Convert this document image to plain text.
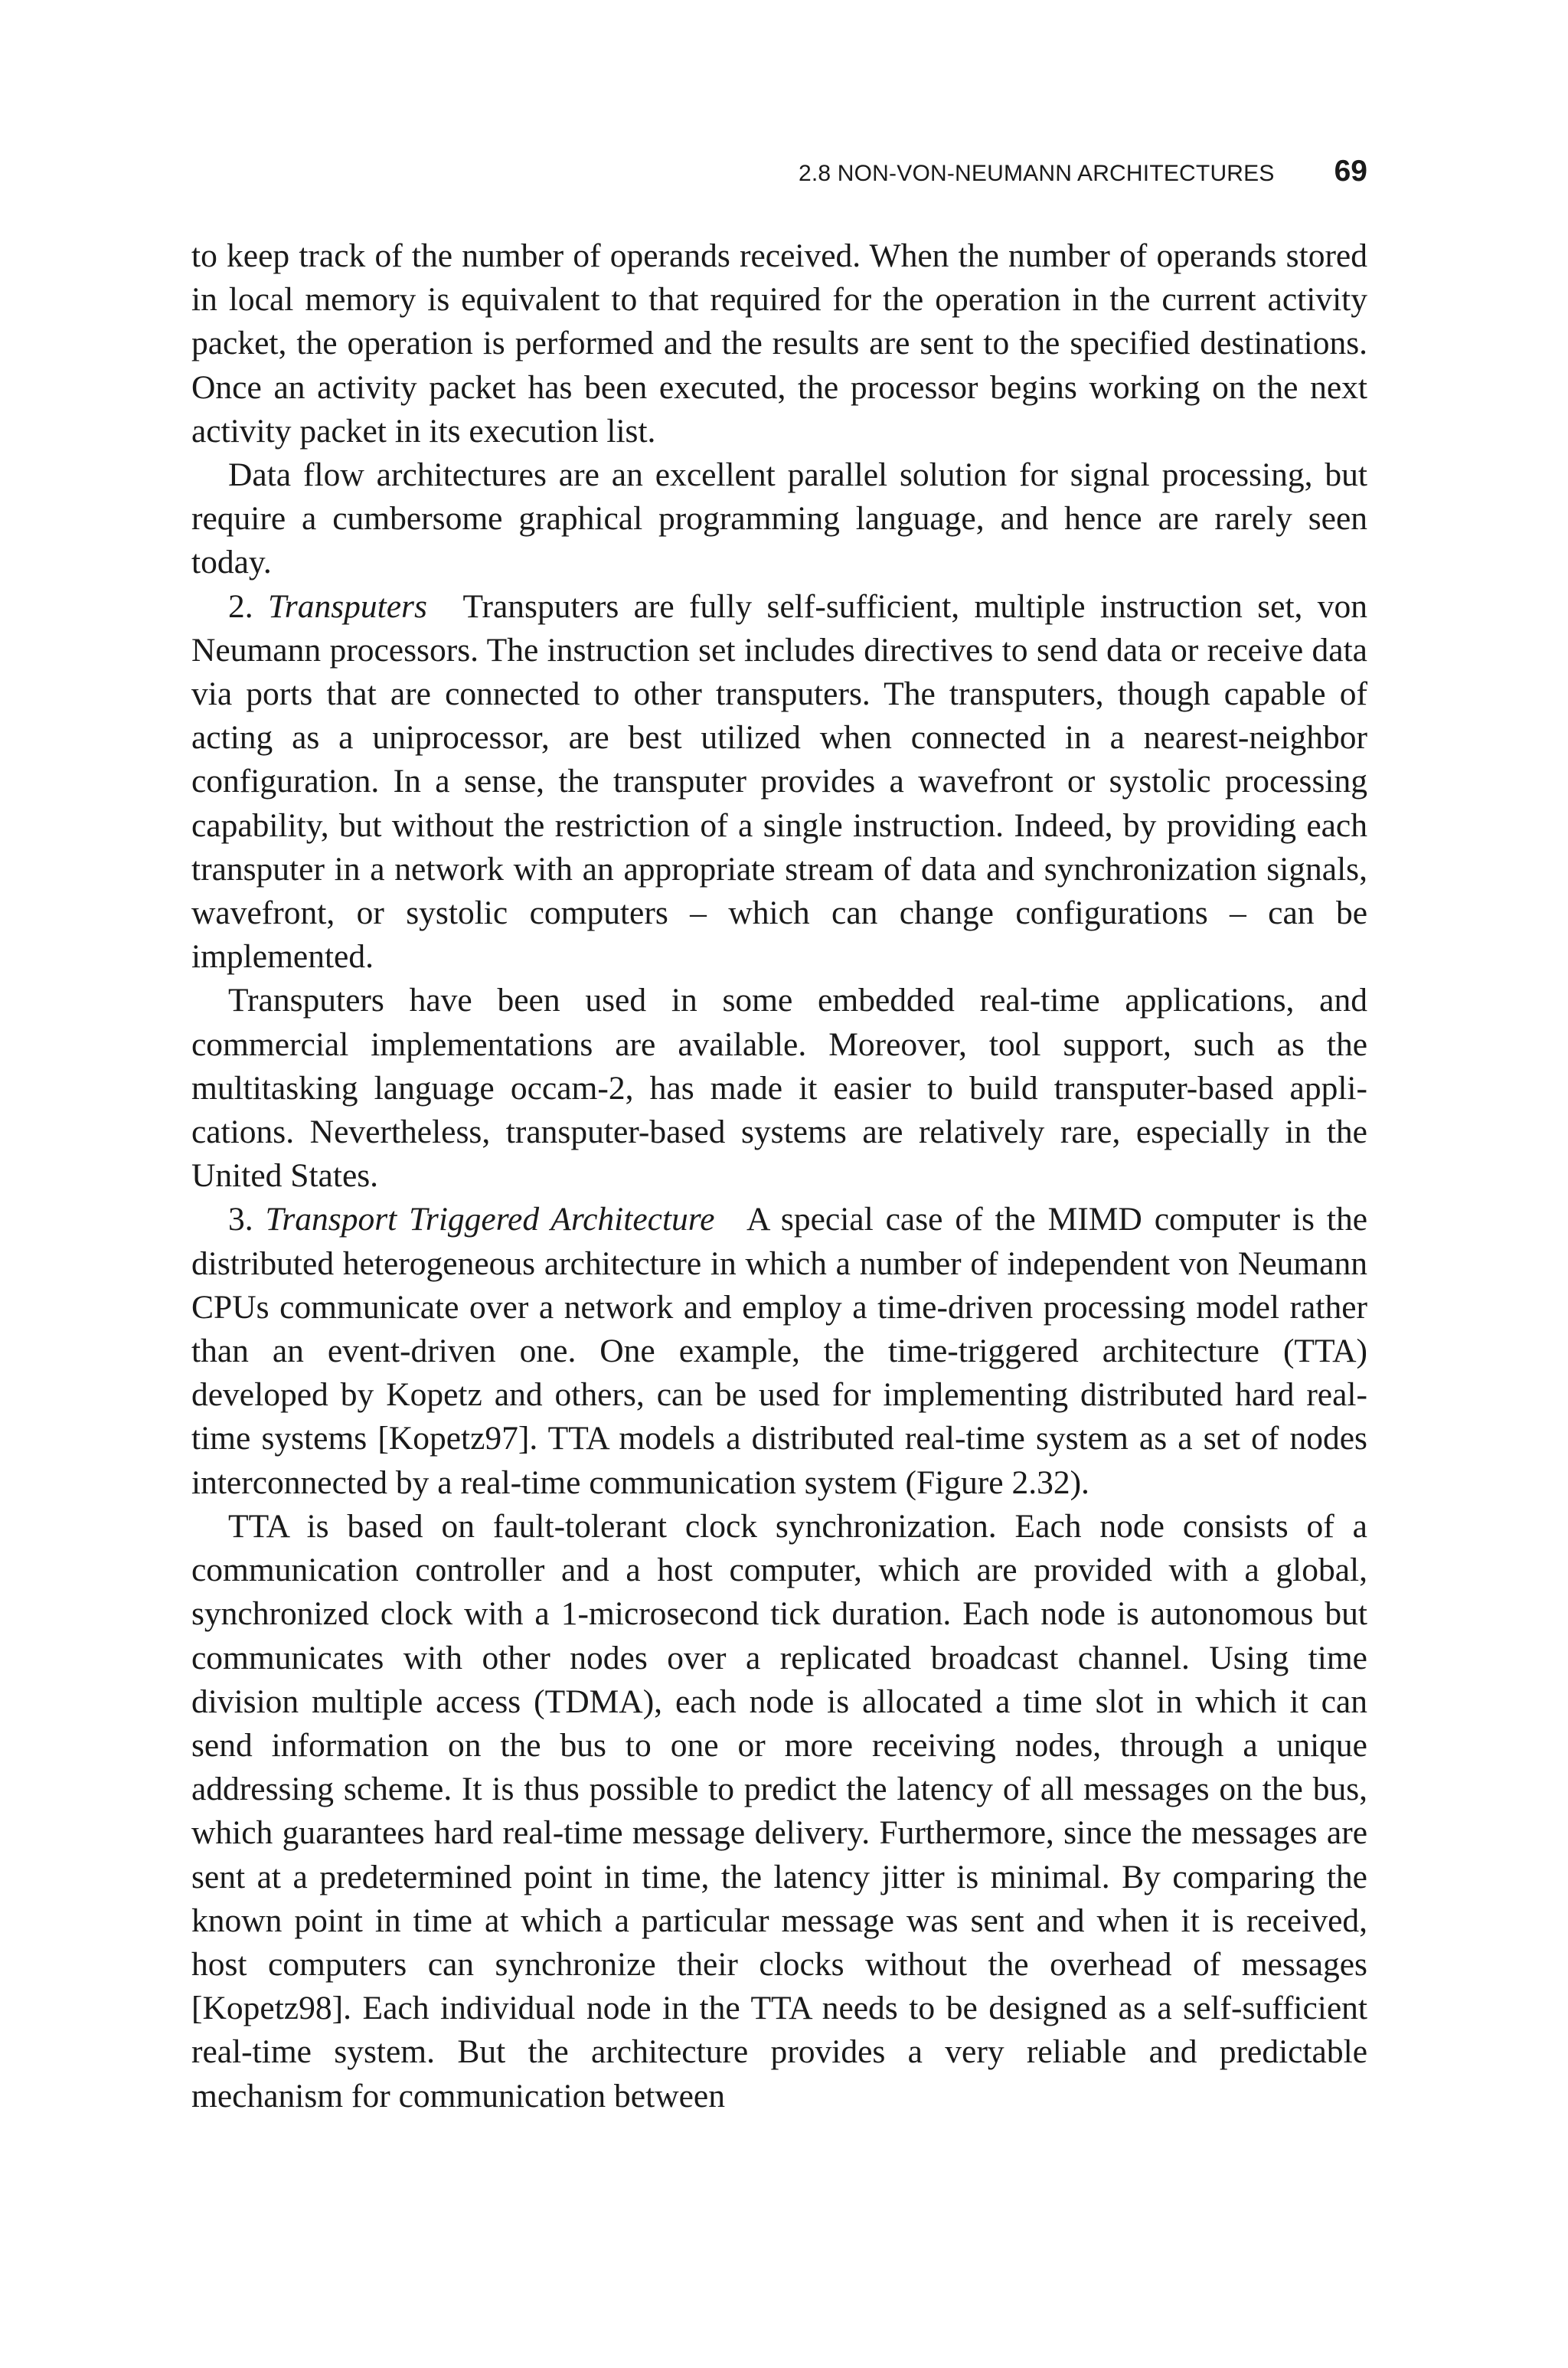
2.8 NON-VON-NEUMANN ARCHITECTURES 69

to keep track of the number of operands received. When the number of operands stored in local memory is equivalent to that required for the operation in the current activity packet, the operation is performed and the results are sent to the specified destinations. Once an activity packet has been executed, the processor begins working on the next activity packet in its execution list.

Data flow architectures are an excellent parallel solution for signal processing, but require a cumbersome graphical programming language, and hence are rarely seen today.

2. Transputers Transputers are fully self-sufficient, multiple instruction set, von Neumann processors. The instruction set includes directives to send data or receive data via ports that are connected to other transputers. The transputers, though capable of acting as a uniprocessor, are best utilized when connected in a nearest-neighbor configuration. In a sense, the transputer provides a wavefront or systolic processing capability, but without the restriction of a single instruction. Indeed, by providing each transputer in a network with an appropriate stream of data and synchronization signals, wavefront, or systolic computers – which can change configurations – can be implemented.

Transputers have been used in some embedded real-time applications, and commercial implementations are available. Moreover, tool support, such as the multitasking language occam-2, has made it easier to build transputer-based applications. Nevertheless, transputer-based systems are relatively rare, especially in the United States.

3. Transport Triggered Architecture A special case of the MIMD computer is the distributed heterogeneous architecture in which a number of independent von Neumann CPUs communicate over a network and employ a time-driven processing model rather than an event-driven one. One example, the time-triggered architecture (TTA) developed by Kopetz and others, can be used for implementing distributed hard real-time systems [Kopetz97]. TTA models a distributed real-time system as a set of nodes interconnected by a real-time communication system (Figure 2.32).

TTA is based on fault-tolerant clock synchronization. Each node consists of a communication controller and a host computer, which are provided with a global, synchronized clock with a 1-microsecond tick duration. Each node is autonomous but communicates with other nodes over a replicated broadcast channel. Using time division multiple access (TDMA), each node is allocated a time slot in which it can send information on the bus to one or more receiving nodes, through a unique addressing scheme. It is thus possible to predict the latency of all messages on the bus, which guarantees hard real-time message delivery. Furthermore, since the messages are sent at a predetermined point in time, the latency jitter is minimal. By comparing the known point in time at which a particular message was sent and when it is received, host computers can synchronize their clocks without the overhead of messages [Kopetz98]. Each individual node in the TTA needs to be designed as a self-sufficient real-time system. But the architecture provides a very reliable and predictable mechanism for communication between
